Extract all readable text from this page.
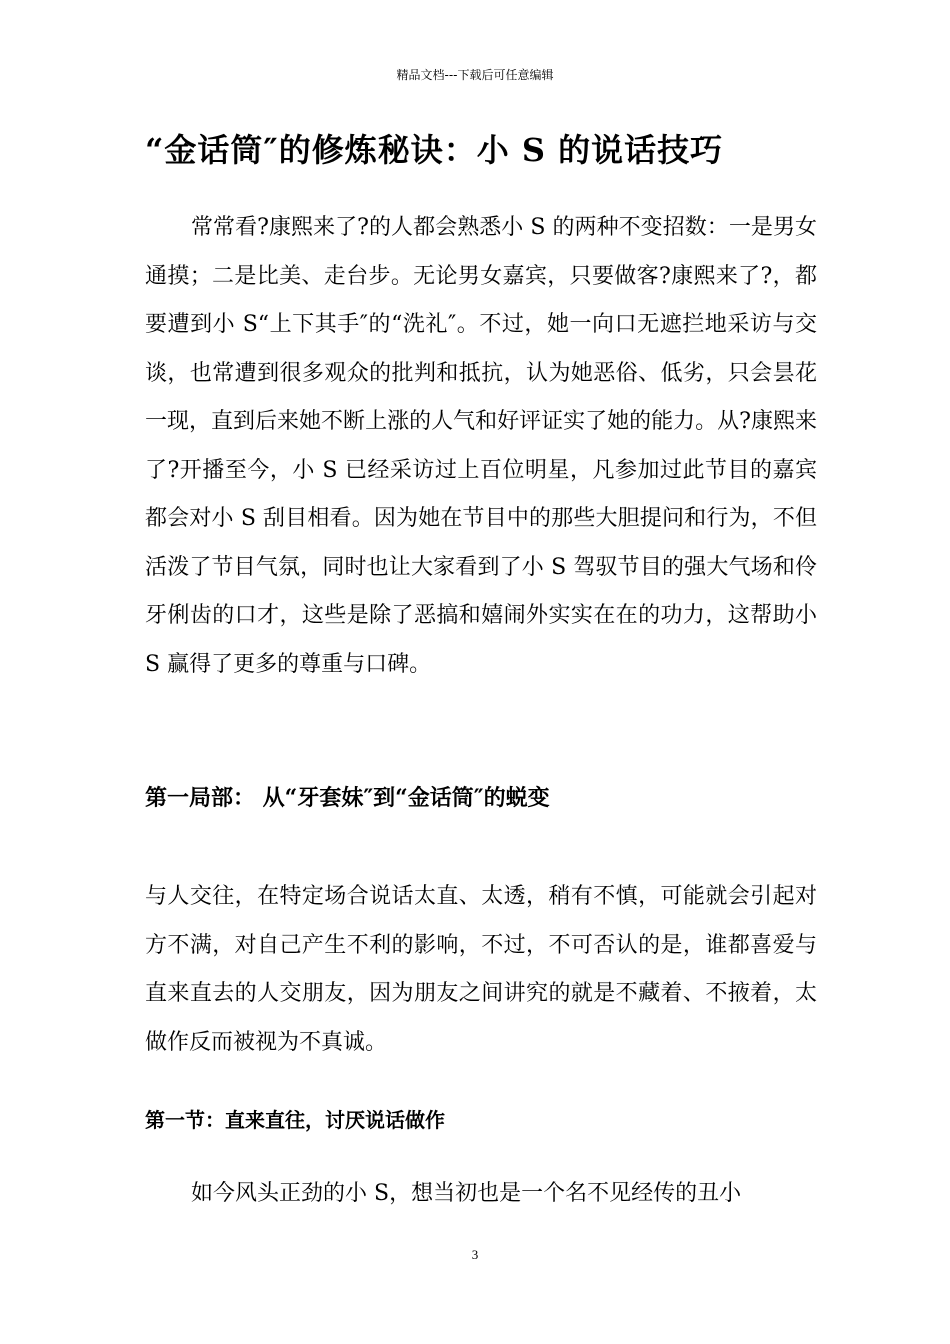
精品文档---下载后可任意编辑
“金话筒″的修炼秘诀：小 S 的说话技巧

常常看?康熙来了?的人都会熟悉小 S 的两种不变招数：一是男女通摸；二是比美、走台步。无论男女嘉宾，只要做客?康熙来了?，都要遭到小 S“上下其手″的“洗礼″。不过，她一向口无遮拦地采访与交谈，也常遭到很多观众的批判和抵抗，认为她恶俗、低劣，只会昙花一现，直到后来她不断上涨的人气和好评证实了她的能力。从?康熙来了?开播至今，小 S 已经采访过上百位明星，凡参加过此节目的嘉宾都会对小 S 刮目相看。因为她在节目中的那些大胆提问和行为，不但活泼了节目气氛，同时也让大家看到了小 S 驾驭节目的强大气场和伶牙俐齿的口才，这些是除了恶搞和嬉闹外实实在在的功力，这帮助小 S 赢得了更多的尊重与口碑。

第一局部： 从“牙套妹″到“金话筒″的蜕变

与人交往，在特定场合说话太直、太透，稍有不慎，可能就会引起对方不满，对自己产生不利的影响，不过，不可否认的是，谁都喜爱与直来直去的人交朋友，因为朋友之间讲究的就是不藏着、不掖着，太做作反而被视为不真诚。

第一节：直来直往，讨厌说话做作

如今风头正劲的小 S，想当初也是一个名不见经传的丑小

3
